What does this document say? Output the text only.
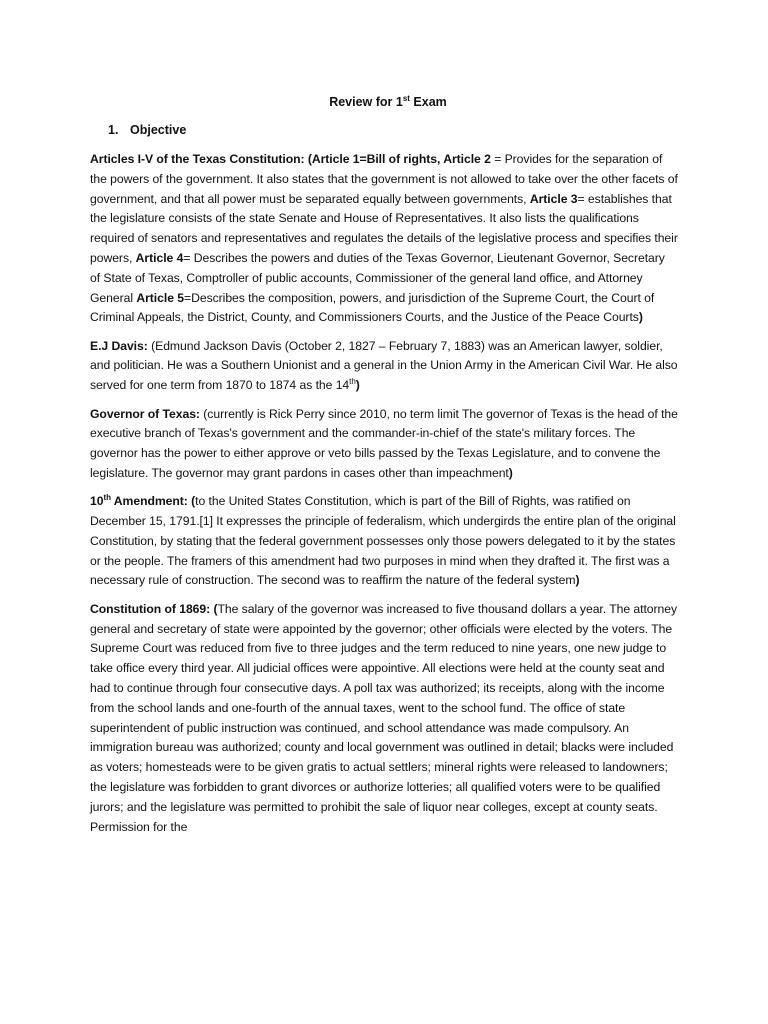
Review for 1st Exam
1. Objective

Articles I-V of the Texas Constitution: (Article 1=Bill of rights, Article 2 = Provides for the separation of the powers of the government. It also states that the government is not allowed to take over the other facets of government, and that all power must be separated equally between governments, Article 3= establishes that the legislature consists of the state Senate and House of Representatives. It also lists the qualifications required of senators and representatives and regulates the details of the legislative process and specifies their powers, Article 4= Describes the powers and duties of the Texas Governor, Lieutenant Governor, Secretary of State of Texas, Comptroller of public accounts, Commissioner of the general land office, and Attorney General Article 5=Describes the composition, powers, and jurisdiction of the Supreme Court, the Court of Criminal Appeals, the District, County, and Commissioners Courts, and the Justice of the Peace Courts)

E.J Davis: (Edmund Jackson Davis (October 2, 1827 – February 7, 1883) was an American lawyer, soldier, and politician. He was a Southern Unionist and a general in the Union Army in the American Civil War. He also served for one term from 1870 to 1874 as the 14th)

Governor of Texas: (currently is Rick Perry since 2010, no term limit The governor of Texas is the head of the executive branch of Texas's government and the commander-in-chief of the state's military forces. The governor has the power to either approve or veto bills passed by the Texas Legislature, and to convene the legislature. The governor may grant pardons in cases other than impeachment)

10th Amendment: (to the United States Constitution, which is part of the Bill of Rights, was ratified on December 15, 1791.[1] It expresses the principle of federalism, which undergirds the entire plan of the original Constitution, by stating that the federal government possesses only those powers delegated to it by the states or the people. The framers of this amendment had two purposes in mind when they drafted it. The first was a necessary rule of construction. The second was to reaffirm the nature of the federal system)

Constitution of 1869: (The salary of the governor was increased to five thousand dollars a year. The attorney general and secretary of state were appointed by the governor; other officials were elected by the voters. The Supreme Court was reduced from five to three judges and the term reduced to nine years, one new judge to take office every third year. All judicial offices were appointive. All elections were held at the county seat and had to continue through four consecutive days. A poll tax was authorized; its receipts, along with the income from the school lands and one-fourth of the annual taxes, went to the school fund. The office of state superintendent of public instruction was continued, and school attendance was made compulsory. An immigration bureau was authorized; county and local government was outlined in detail; blacks were included as voters; homesteads were to be given gratis to actual settlers; mineral rights were released to landowners; the legislature was forbidden to grant divorces or authorize lotteries; all qualified voters were to be qualified jurors; and the legislature was permitted to prohibit the sale of liquor near colleges, except at county seats. Permission for the
